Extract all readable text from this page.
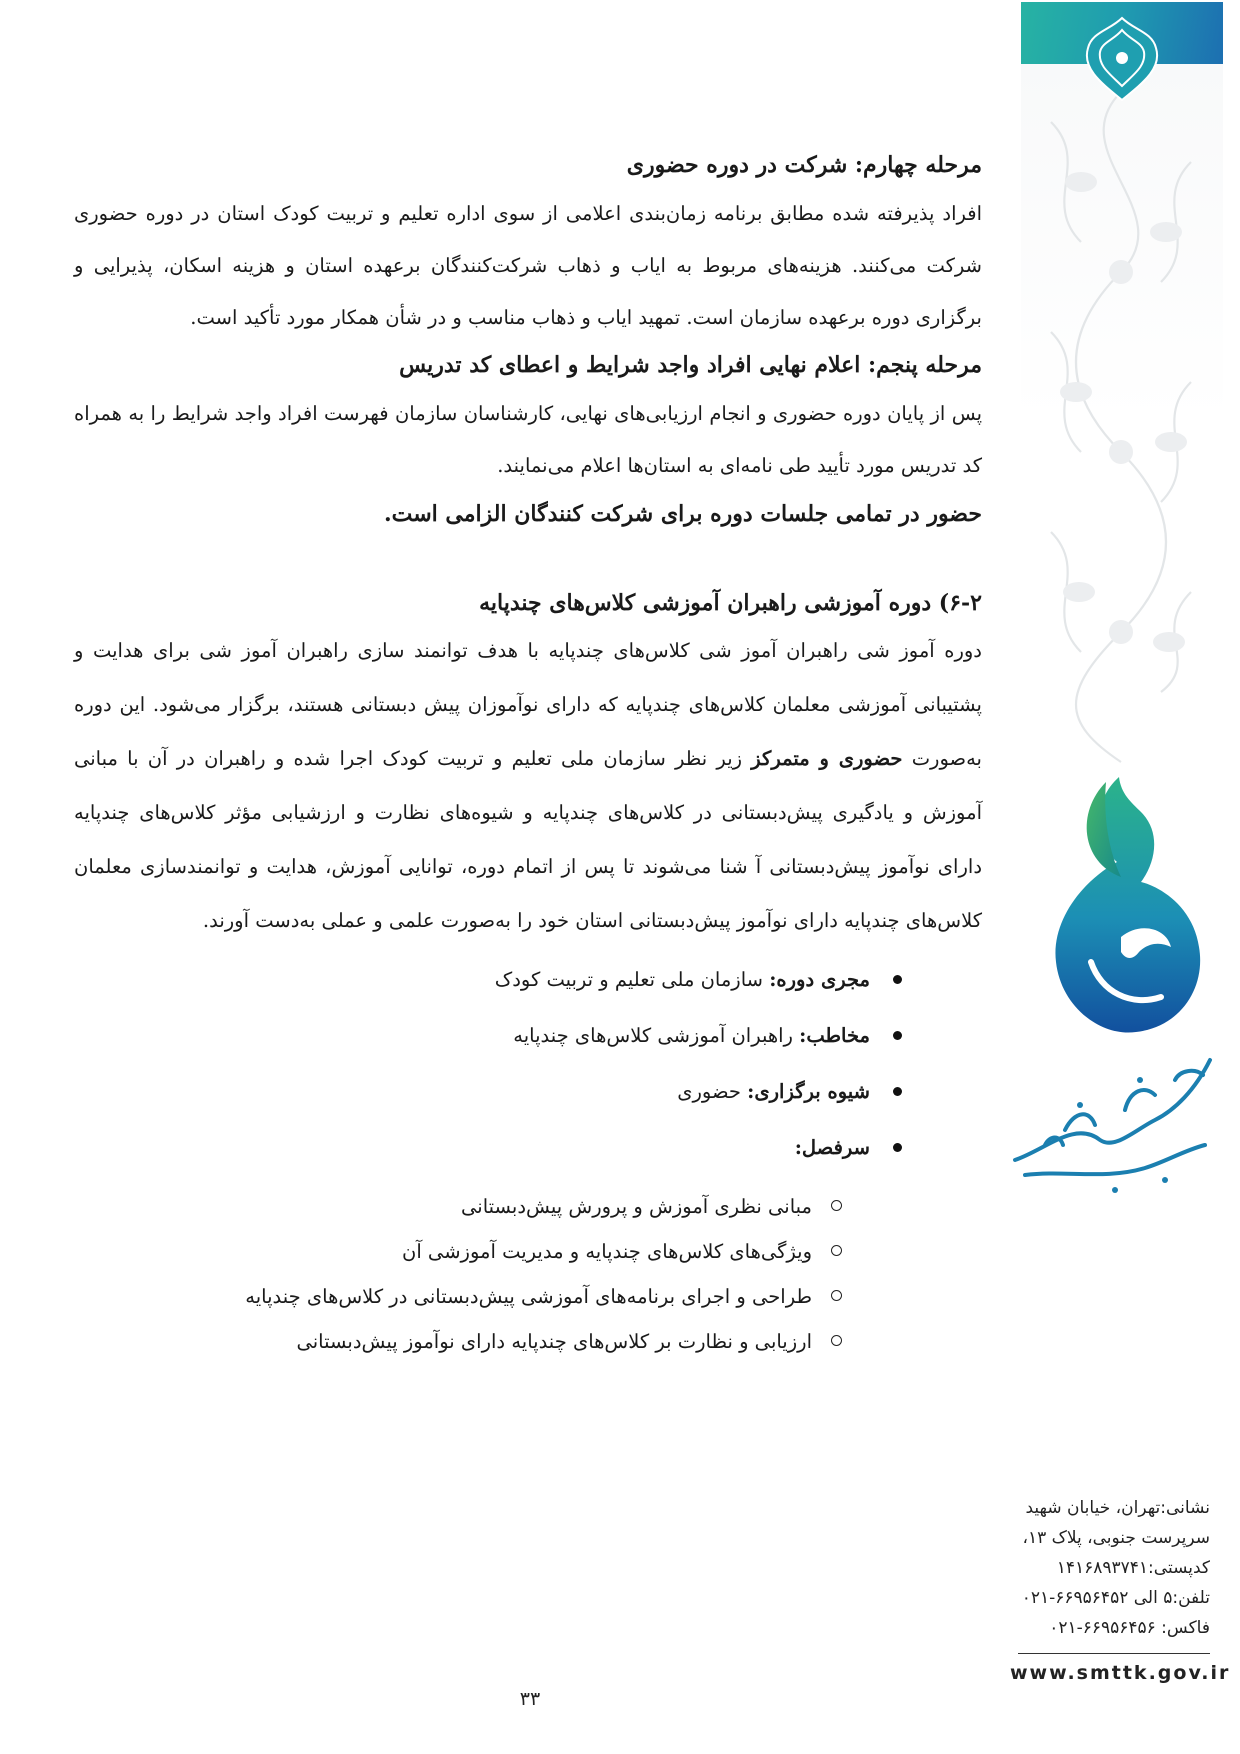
مرحله چهارم: شرکت در دوره حضوری

افراد پذیرفته شده مطابق برنامه زمان‌بندی اعلامی از سوی اداره تعلیم و تربیت کودک استان در دوره حضوری شرکت می‌کنند. هزینه‌های مربوط به ایاب و ذهاب شرکت‌کنندگان برعهده استان و هزینه اسکان، پذیرایی و برگزاری دوره برعهده سازمان است. تمهید ایاب و ذهاب مناسب و در شأن همکار مورد تأکید است.

مرحله پنجم: اعلام نهایی افراد واجد شرایط و اعطای کد تدریس

پس از پایان دوره حضوری و انجام ارزیابی‌های نهایی، کارشناسان سازمان فهرست افراد واجد شرایط را به همراه کد تدریس مورد تأیید طی نامه‌ای به استان‌ها اعلام می‌نمایند.

حضور در تمامی جلسات دوره برای شرکت کنندگان الزامی است.
۶-۲) دوره آموزشی راهبران آموزشی کلاس‌های چندپایه

دوره آموز شی راهبران آموز شی کلاس‌های چندپایه با هدف توانمند سازی راهبران آموز شی برای هدایت و پشتیبانی آموزشی معلمان کلاس‌های چندپایه که دارای نوآموزان پیش دبستانی هستند، برگزار می‌شود. این دوره به‌صورت حضوری و متمرکز زیر نظر سازمان ملی تعلیم و تربیت کودک اجرا شده و راهبران در آن با مبانی آموزش و یادگیری پیش‌دبستانی در کلاس‌های چندپایه و شیوه‌های نظارت و ارزشیابی مؤثر کلاس‌های چندپایه دارای نوآموز پیش‌دبستانی آ شنا می‌شوند تا پس از اتمام دوره، توانایی آموزش، هدایت و توانمندسازی معلمان کلاس‌های چندپایه دارای نوآموز پیش‌دبستانی استان خود را به‌صورت علمی و عملی به‌دست آورند.

مجری دوره: سازمان ملی تعلیم و تربیت کودک
مخاطب: راهبران آموزشی کلاس‌های چندپایه
شیوه برگزاری: حضوری
سرفصل:
مبانی نظری آموزش و پرورش پیش‌دبستانی
ویژگی‌های کلاس‌های چندپایه و مدیریت آموزشی آن
طراحی و اجرای برنامه‌های آموزشی پیش‌دبستانی در کلاس‌های چندپایه
ارزیابی و نظارت بر کلاس‌های چندپایه دارای نوآموز پیش‌دبستانی
نشانی:تهران، خیابان شهید
سرپرست جنوبی، پلاک ۱۳،
کدپستی:۱۴۱۶۸۹۳۷۴۱
تلفن:۵ الی ۶۶۹۵۶۴۵۲-۰۲۱
فاکس: ۶۶۹۵۶۴۵۶-۰۲۱
www.smttk.gov.ir
۳۳
